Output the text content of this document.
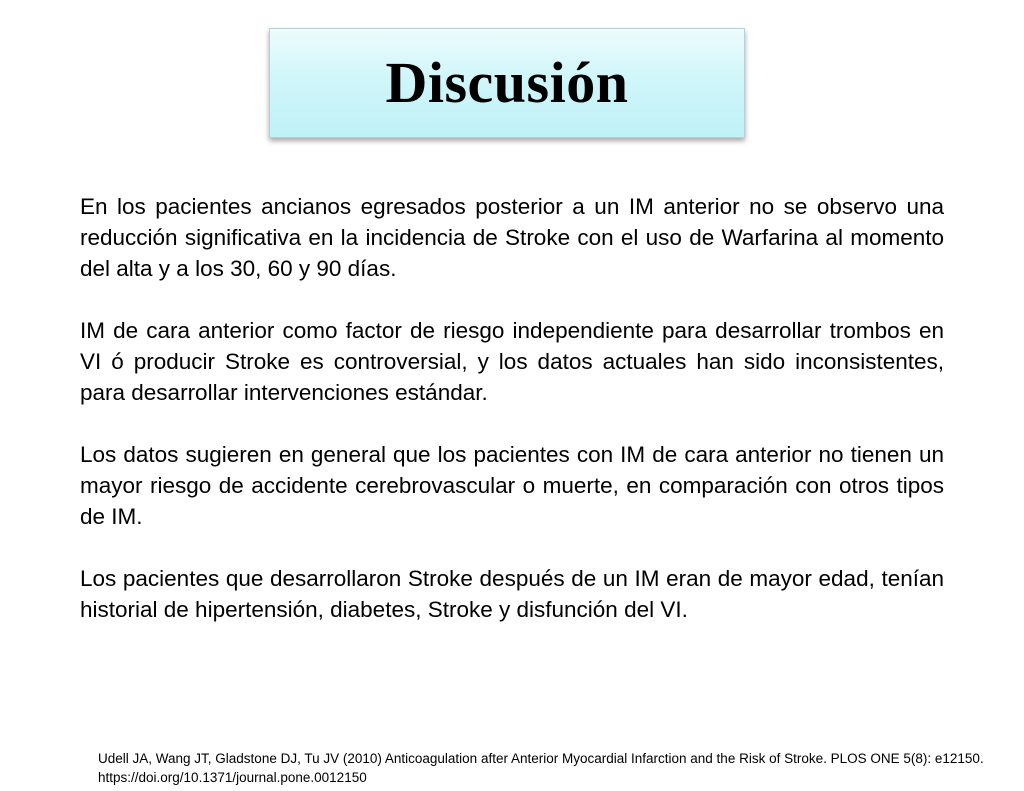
Discusión

En los pacientes ancianos egresados posterior a un IM anterior no se observo una reducción significativa en la incidencia de Stroke con el uso de Warfarina al momento del alta y a los 30, 60 y 90 días.

IM de cara anterior como factor de riesgo independiente para desarrollar trombos en VI ó producir Stroke es controversial, y los datos actuales han sido inconsistentes, para desarrollar intervenciones estándar.

Los datos sugieren en general que los pacientes con IM de cara anterior no tienen un mayor riesgo de accidente cerebrovascular o muerte, en comparación con otros tipos de IM.

Los pacientes que desarrollaron Stroke después de un IM eran de mayor edad, tenían historial de hipertensión, diabetes, Stroke y disfunción del VI.

Udell JA, Wang JT, Gladstone DJ, Tu JV (2010) Anticoagulation after Anterior Myocardial Infarction and the Risk of Stroke. PLOS ONE 5(8): e12150. https://doi.org/10.1371/journal.pone.0012150
